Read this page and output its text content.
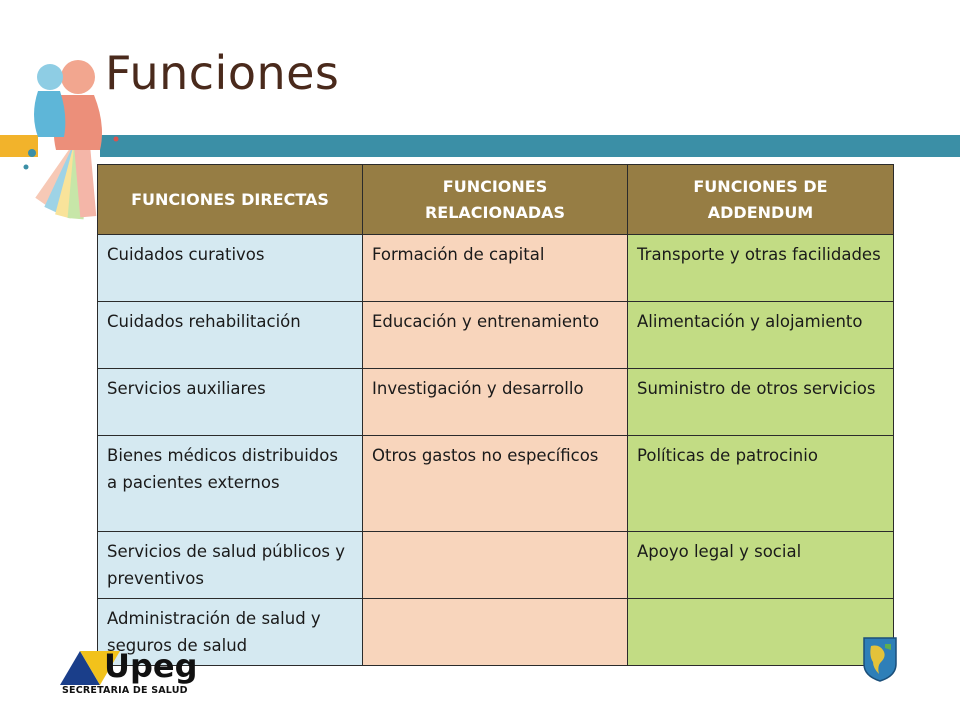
Funciones
FUNCIONES DIRECTAS	FUNCIONES RELACIONADAS	FUNCIONES DE ADDENDUM
Cuidados curativos	Formación de capital	Transporte y otras facilidades
Cuidados rehabilitación	Educación y entrenamiento	Alimentación y alojamiento
Servicios auxiliares	Investigación y desarrollo	Suministro de otros servicios
Bienes médicos distribuidos a pacientes externos	Otros gastos no específicos	Políticas de patrocinio
Servicios de salud públicos y preventivos		Apoyo legal y social
Administración de salud y seguros de salud		
Upeg
SECRETARIA DE SALUD
